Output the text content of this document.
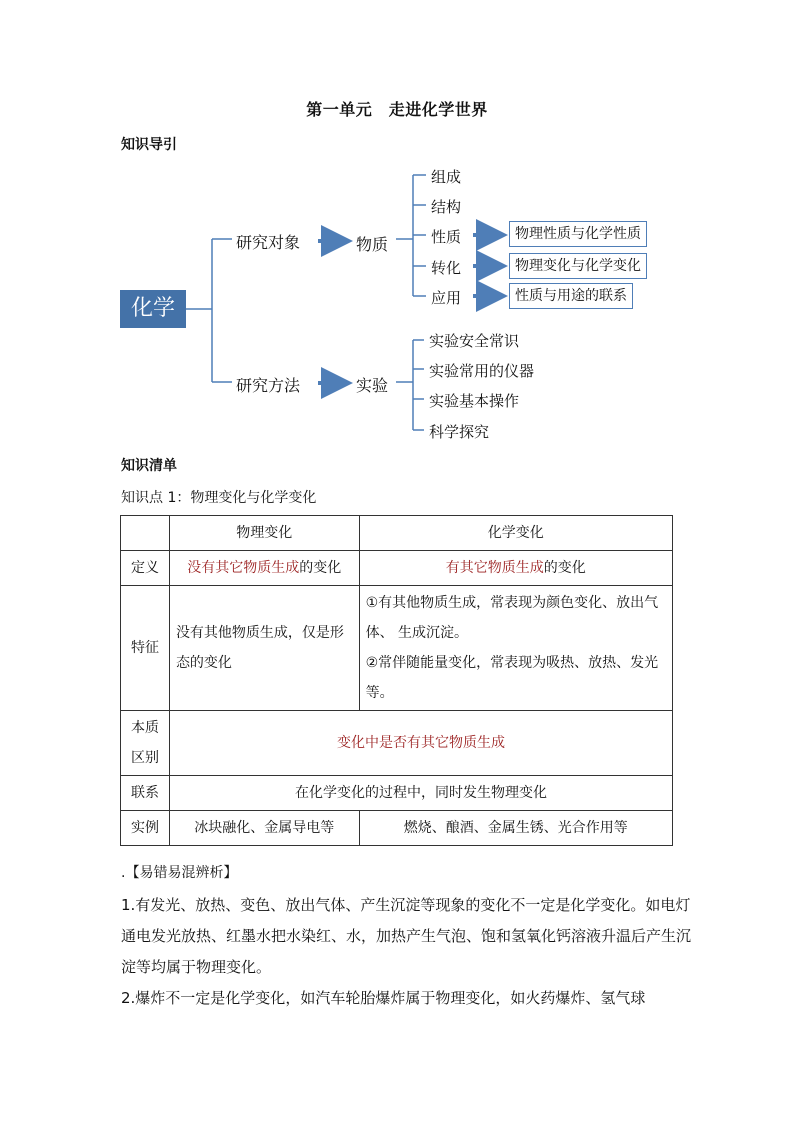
第一单元　走进化学世界
知识导引
化学
研究对象	物质
研究方法	实验
组成
结构
性质
转化
应用
物理性质与化学性质
物理变化与化学变化
性质与用途的联系
实验安全常识
实验常用的仪器
实验基本操作
科学探究
知识清单
知识点 1：物理变化与化学变化
	物理变化	化学变化
定义	没有其它物质生成的变化	有其它物质生成的变化
特征	没有其他物质生成，仅是形态的变化	①有其他物质生成，常表现为颜色变化、放出气体、 生成沉淀。
②常伴随能量变化，常表现为吸热、放热、发光等。

本质
区别	变化中是否有其它物质生成	
联系	在化学变化的过程中，同时发生物理变化	
实例	冰块融化、金属导电等	燃烧、酿酒、金属生锈、光合作用等
.【易错易混辨析】
1.有发光、放热、变色、放出气体、产生沉淀等现象的变化不一定是化学变化。如电灯通电发光放热、红墨水把水染红、水，加热产生气泡、饱和氢氧化钙溶液升温后产生沉淀等均属于物理变化。
2.爆炸不一定是化学变化，如汽车轮胎爆炸属于物理变化，如火药爆炸、氢气球
